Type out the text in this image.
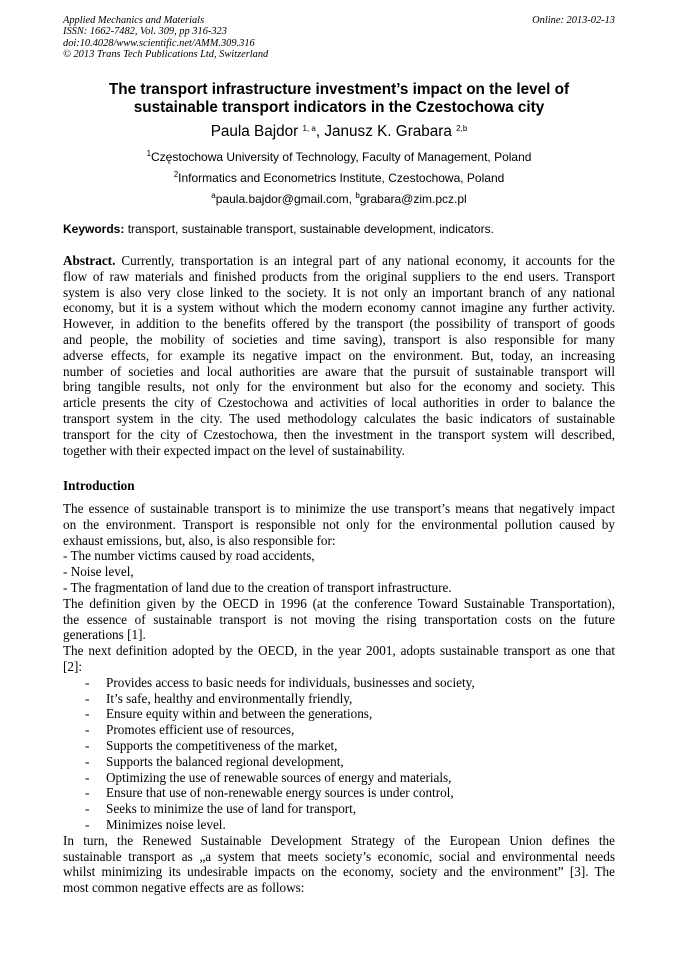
Applied Mechanics and Materials
ISSN: 1662-7482, Vol. 309, pp 316-323
doi:10.4028/www.scientific.net/AMM.309.316
© 2013 Trans Tech Publications Ltd, Switzerland
Online: 2013-02-13
The transport infrastructure investment’s impact on the level of
sustainable transport indicators in the Czestochowa city
Paula Bajdor $^{1, a}$, Janusz K. Grabara $^{2,b}$
$^1$Częstochowa University of Technology, Faculty of Management, Poland
$^2$Informatics and Econometrics Institute, Czestochowa, Poland
$^a$paula.bajdor@gmail.com, $^b$grabara@zim.pcz.pl
Keywords: transport, sustainable transport, sustainable development, indicators.
Abstract. Currently, transportation is an integral part of any national economy, it accounts for the
flow of raw materials and finished products from the original suppliers to the end users. Transport
system is also very close linked to the society. It is not only an important branch of any national
economy, but it is a system without which the modern economy cannot imagine any further activity.
However, in addition to the benefits offered by the transport (the possibility of transport of goods
and people, the mobility of societies and time saving), transport is also responsible for many
adverse effects, for example its negative impact on the environment. But, today, an increasing
number of societies and local authorities are aware that the pursuit of sustainable transport will
bring tangible results, not only for the environment but also for the economy and society. This
article presents the city of Czestochowa and activities of local authorities in order to balance the
transport system in the city. The used methodology calculates the basic indicators of sustainable
transport for the city of Czestochowa, then the investment in the transport system will described,
together with their expected impact on the level of sustainability.
Introduction
The essence of sustainable transport is to minimize the use transport’s means that negatively impact
on the environment. Transport is responsible not only for the environmental pollution caused by
exhaust emissions, but, also, is also responsible for:
- The number victims caused by road accidents,
- Noise level,
- The fragmentation of land due to the creation of transport infrastructure.
The definition given by the OECD in 1996 (at the conference Toward Sustainable Transportation),
the essence of sustainable transport is not moving the rising transportation costs on the future
generations [1].
The next definition adopted by the OECD, in the year 2001, adopts sustainable transport as one that
[2]:
-	Provides access to basic needs for individuals, businesses and society,
-	It’s safe, healthy and environmentally friendly,
-	Ensure equity within and between the generations,
-	Promotes efficient use of resources,
-	Supports the competitiveness of the market,
-	Supports the balanced regional development,
-	Optimizing the use of renewable sources of energy and materials,
-	Ensure that use of non-renewable energy sources is under control,
-	Seeks to minimize the use of land for transport,
-	Minimizes noise level.
In turn, the Renewed Sustainable Development Strategy of the European Union defines the
sustainable transport as „a system that meets society’s economic, social and environmental needs
whilst minimizing its undesirable impacts on the economy, society and the environment” [3]. The
most common negative effects are as follows:
